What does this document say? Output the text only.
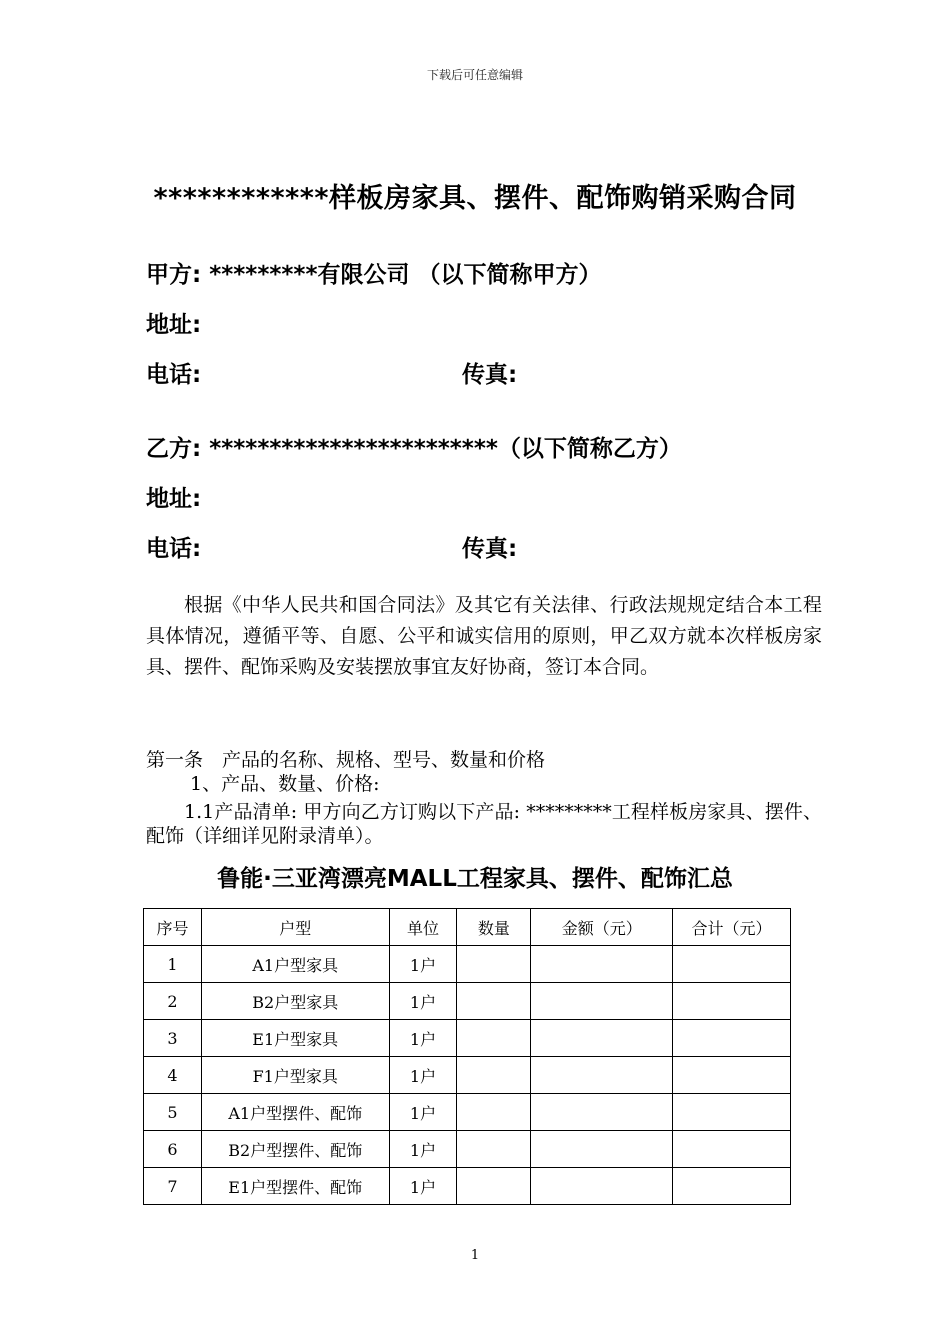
下载后可任意编辑
************样板房家具、摆件、配饰购销采购合同
甲方: *********有限公司 （以下简称甲方）
地址:
电话:	传真:
乙方: ************************（以下简称乙方）
地址:
电话:	传真:
根据《中华人民共和国合同法》及其它有关法律、行政法规规定结合本工程具体情况，遵循平等、自愿、公平和诚实信用的原则，甲乙双方就本次样板房家具、摆件、配饰采购及安装摆放事宜友好协商，签订本合同。
第一条　产品的名称、规格、型号、数量和价格
1、产品、数量、价格:
1.1产品清单: 甲方向乙方订购以下产品: *********工程样板房家具、摆件、配饰（详细详见附录清单）。
鲁能·三亚湾漂亮MALL工程家具、摆件、配饰汇总
序号	户型	单位	数量	金额（元）	合计（元）
1	A1户型家具	1户			
2	B2户型家具	1户			
3	E1户型家具	1户			
4	F1户型家具	1户			
5	A1户型摆件、配饰	1户			
6	B2户型摆件、配饰	1户			
7	E1户型摆件、配饰	1户			
1
